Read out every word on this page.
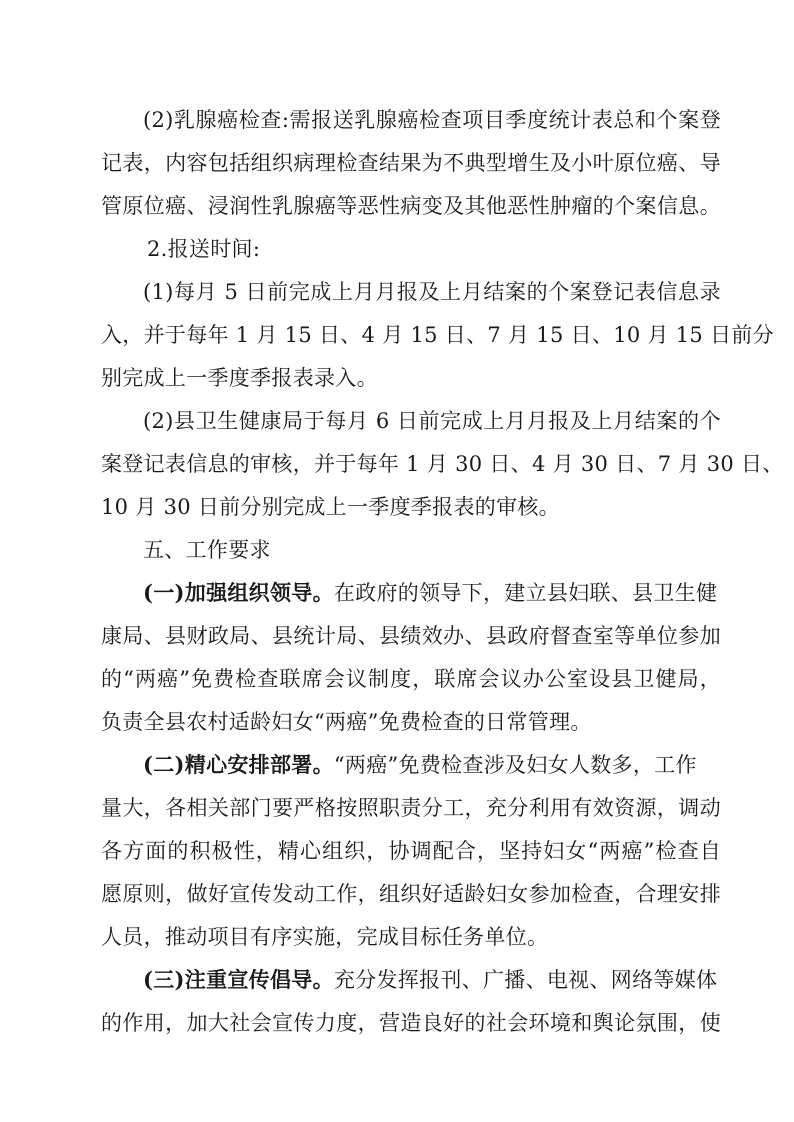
(2)乳腺癌检查:需报送乳腺癌检查项目季度统计表总和个案登
记表，内容包括组织病理检查结果为不典型增生及小叶原位癌、导
管原位癌、浸润性乳腺癌等恶性病变及其他恶性肿瘤的个案信息。
2.报送时间:
(1)每月 5 日前完成上月月报及上月结案的个案登记表信息录
入，并于每年 1 月 15 日、4 月 15 日、7 月 15 日、10 月 15 日前分
别完成上一季度季报表录入。
(2)县卫生健康局于每月 6 日前完成上月月报及上月结案的个
案登记表信息的审核，并于每年 1 月 30 日、4 月 30 日、7 月 30 日、
10 月 30 日前分别完成上一季度季报表的审核。
五、工作要求
(一)加强组织领导。在政府的领导下，建立县妇联、县卫生健
康局、县财政局、县统计局、县绩效办、县政府督查室等单位参加
的“两癌”免费检查联席会议制度，联席会议办公室设县卫健局，
负责全县农村适龄妇女“两癌”免费检查的日常管理。
(二)精心安排部署。“两癌”免费检查涉及妇女人数多，工作
量大，各相关部门要严格按照职责分工，充分利用有效资源，调动
各方面的积极性，精心组织，协调配合，坚持妇女“两癌”检查自
愿原则，做好宣传发动工作，组织好适龄妇女参加检查，合理安排
人员，推动项目有序实施，完成目标任务单位。
(三)注重宣传倡导。充分发挥报刊、广播、电视、网络等媒体
的作用，加大社会宣传力度，营造良好的社会环境和舆论氛围，使
